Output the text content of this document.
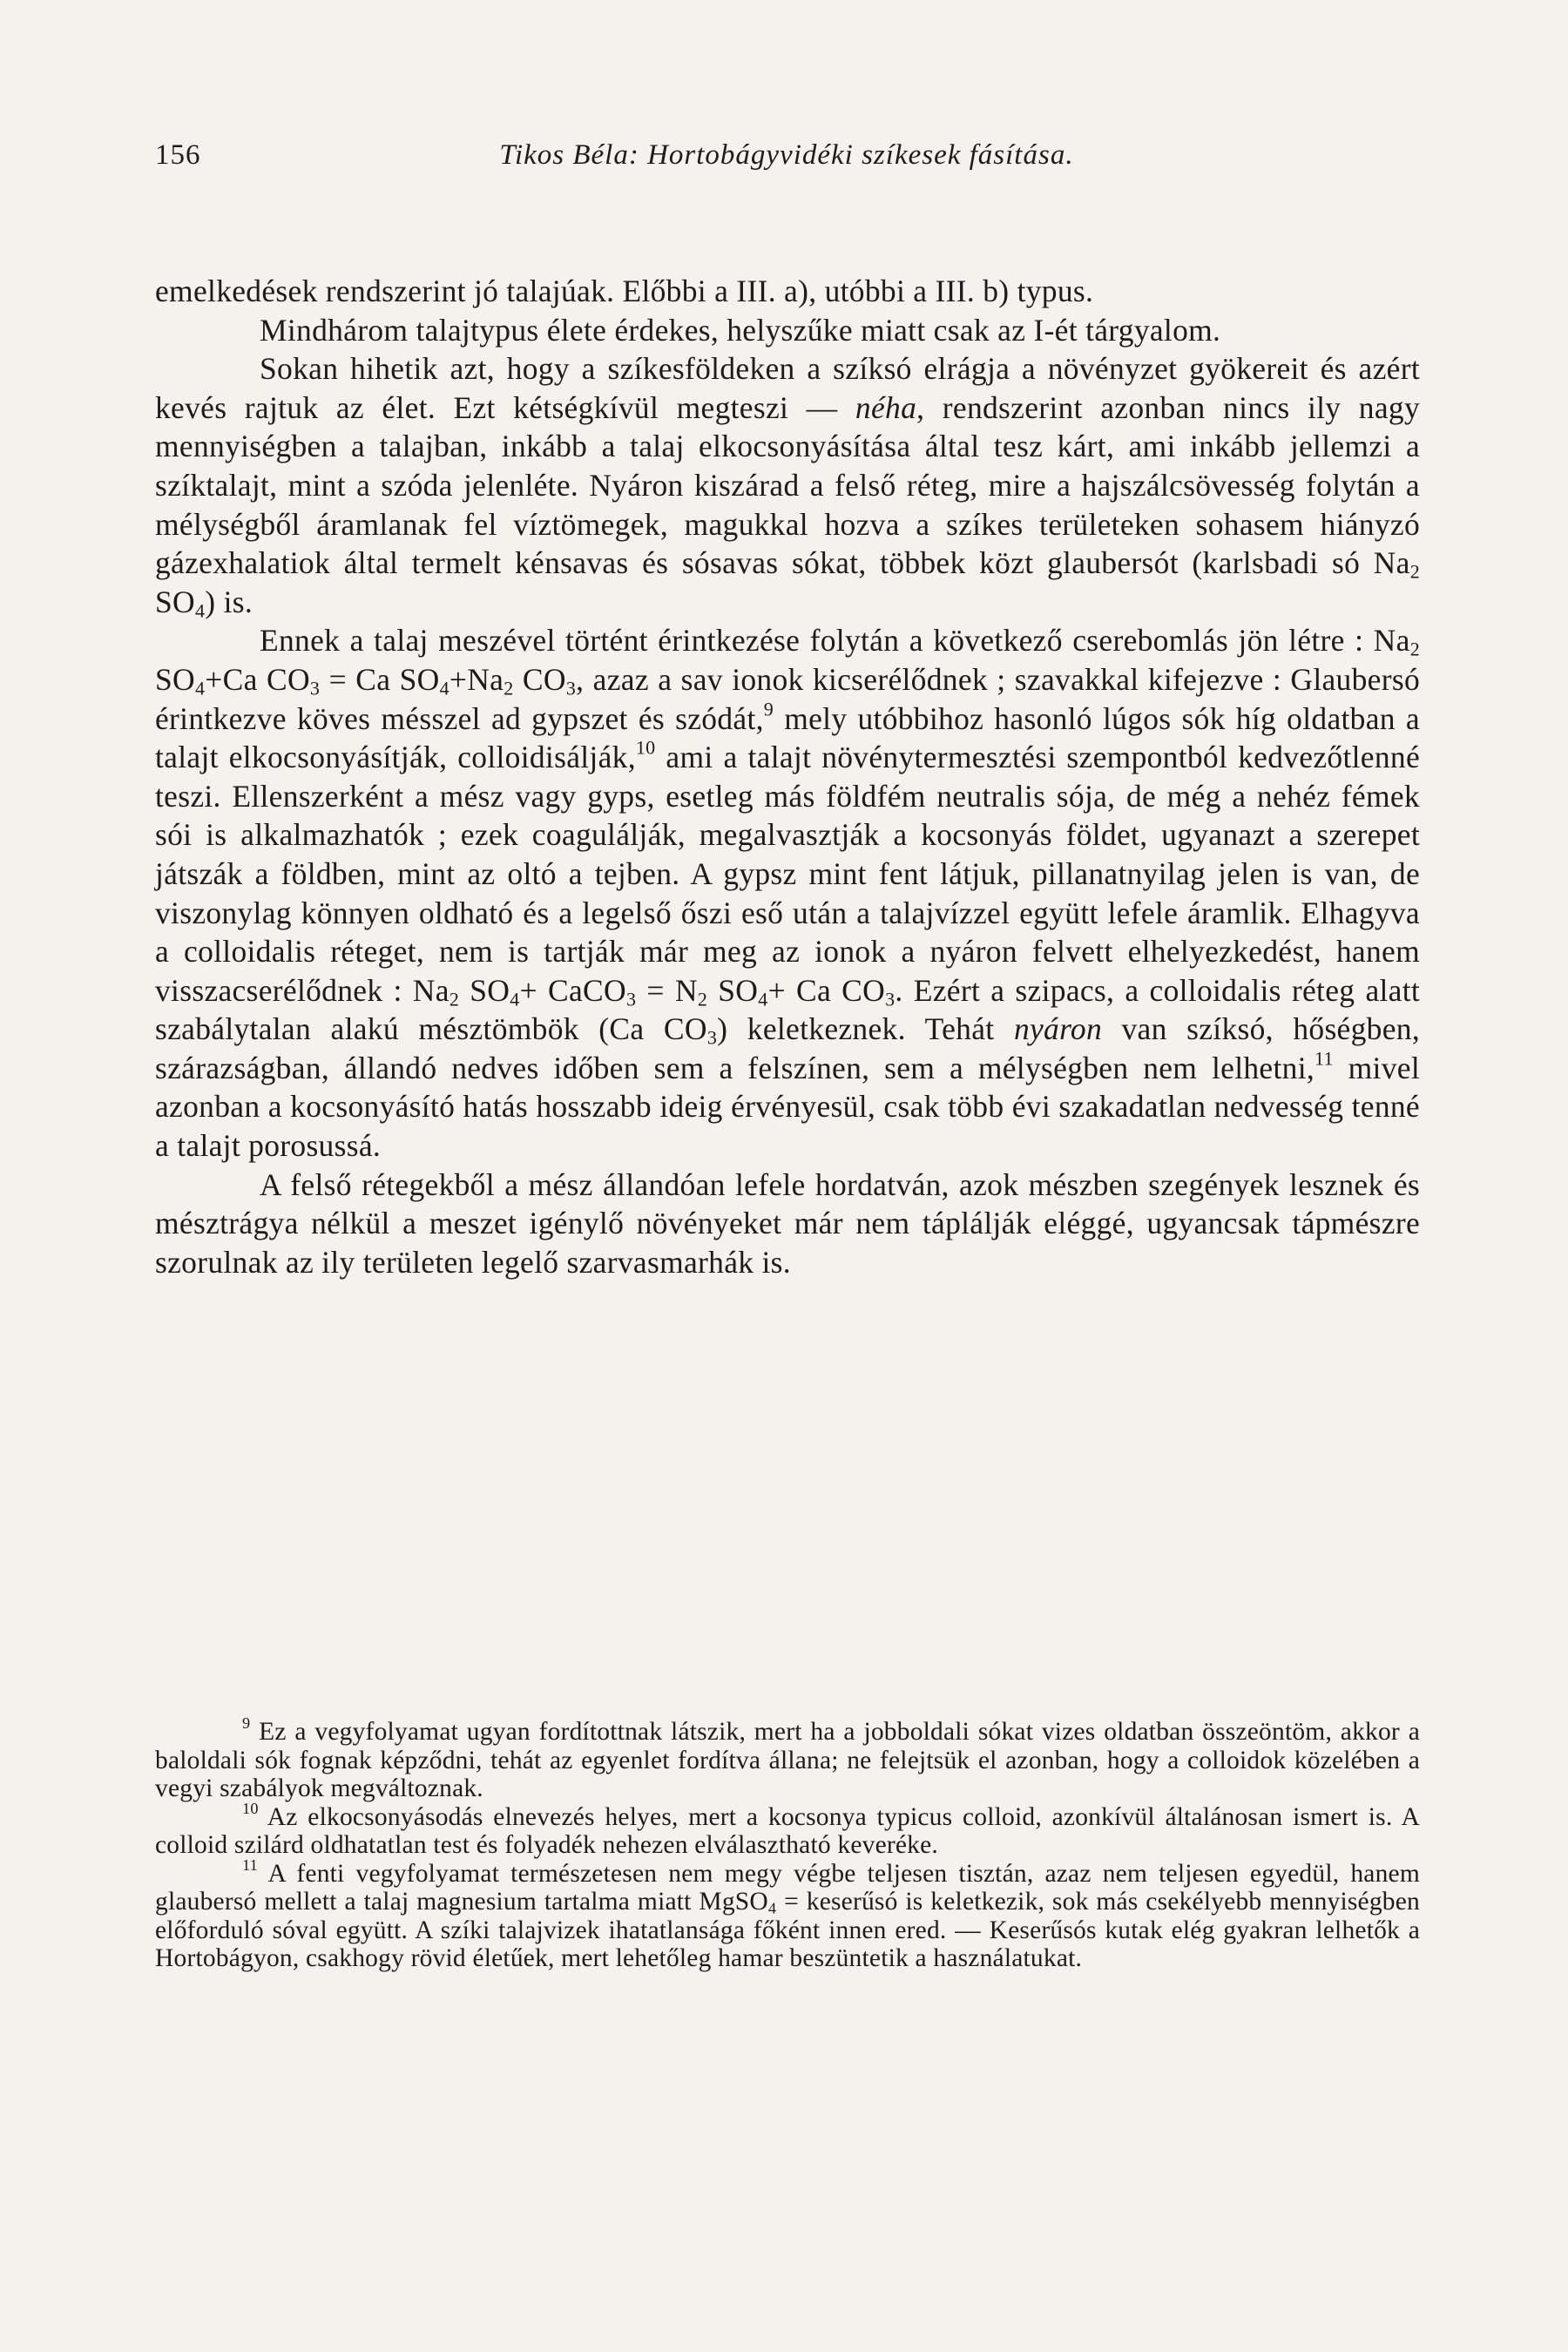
156	Tikos Béla: Hortobágyvidéki szíkesek fásítása.

emelkedések rendszerint jó talajúak. Előbbi a III. a), utóbbi a III. b) typus.

Mindhárom talajtypus élete érdekes, helyszűke miatt csak az I-ét tárgyalom.

Sokan hihetik azt, hogy a szíkesföldeken a szíksó elrágja a növényzet gyökereit és azért kevés rajtuk az élet. Ezt kétségkívül megteszi — néha, rendszerint azonban nincs ily nagy mennyiségben a talajban, inkább a talaj elkocsonyásítása által tesz kárt, ami inkább jellemzi a szíktalajt, mint a szóda jelenléte. Nyáron kiszárad a felső réteg, mire a hajszálcsövesség folytán a mélységből áramlanak fel víztömegek, magukkal hozva a szíkes területeken sohasem hiányzó gázexhalatiok által termelt kénsavas és sósavas sókat, többek közt glaubersót (karlsbadi só $Na_2$ $SO_4$) is.

Ennek a talaj meszével történt érintkezése folytán a következő cserebomlás jön létre : $Na_2$ $SO_4+Ca$ $CO_3 = Ca$ $SO_4+Na_2$ $CO_3$, azaz a sav ionok kicserélődnek ; szavakkal kifejezve : Glaubersó érintkezve köves mésszel ad gypszet és szódát,$^9$ mely utóbbihoz hasonló lúgos sók híg oldatban a talajt elkocsonyásítják, colloidisálják,$^{10}$ ami a talajt növénytermesztési szempontból kedvezőtlenné teszi. Ellenszerként a mész vagy gyps, esetleg más földfém neutralis sója, de még a nehéz fémek sói is alkalmazhatók ; ezek coagulálják, megalvasztják a kocsonyás földet, ugyanazt a szerepet játszák a földben, mint az oltó a tejben. A gypsz mint fent látjuk, pillanatnyilag jelen is van, de viszonylag könnyen oldható és a legelső őszi eső után a talajvízzel együtt lefele áramlik. Elhagyva a colloidalis réteget, nem is tartják már meg az ionok a nyáron felvett elhelyezkedést, hanem visszacserélődnek : $Na_2$ $SO_4+$ CaCO$_3$ = $N_2$ $SO_4+ Ca$ $CO_3$. Ezért a szipacs, a colloidalis réteg alatt szabálytalan alakú mésztömbök (Ca $CO_3$) keletkeznek. Tehát nyáron van szíksó, hőségben, szárazságban, állandó nedves időben sem a felszínen, sem a mélységben nem lelhetni,$^{11}$ mivel azonban a kocsonyásító hatás hosszabb ideig érvényesül, csak több évi szakadatlan nedvesség tenné a talajt porosussá.

A felső rétegekből a mész állandóan lefele hordatván, azok mészben szegények lesznek és mésztrágya nélkül a meszet igénylő növényeket már nem táplálják eléggé, ugyancsak tápmészre szorulnak az ily területen legelő szarvasmarhák is.

$^9$ Ez a vegyfolyamat ugyan fordítottnak látszik, mert ha a jobboldali sókat vizes oldatban összeöntöm, akkor a baloldali sók fognak képződni, tehát az egyenlet fordítva állana; ne felejtsük el azonban, hogy a colloidok közelében a vegyi szabályok megváltoznak.

$^{10}$ Az elkocsonyásodás elnevezés helyes, mert a kocsonya typicus colloid, azonkívül általánosan ismert is. A colloid szilárd oldhatatlan test és folyadék nehezen elválasztható keveréke.

$^{11}$ A fenti vegyfolyamat természetesen nem megy végbe teljesen tisztán, azaz nem teljesen egyedül, hanem glaubersó mellett a talaj magnesium tartalma miatt MgSO$_4$ = keserűsó is keletkezik, sok más csekélyebb mennyiségben előforduló sóval együtt. A szíki talajvizek ihatatlansága főként innen ered. — Keserűsós kutak elég gyakran lelhetők a Hortobágyon, csakhogy rövid életűek, mert lehetőleg hamar beszüntetik a használatukat.
